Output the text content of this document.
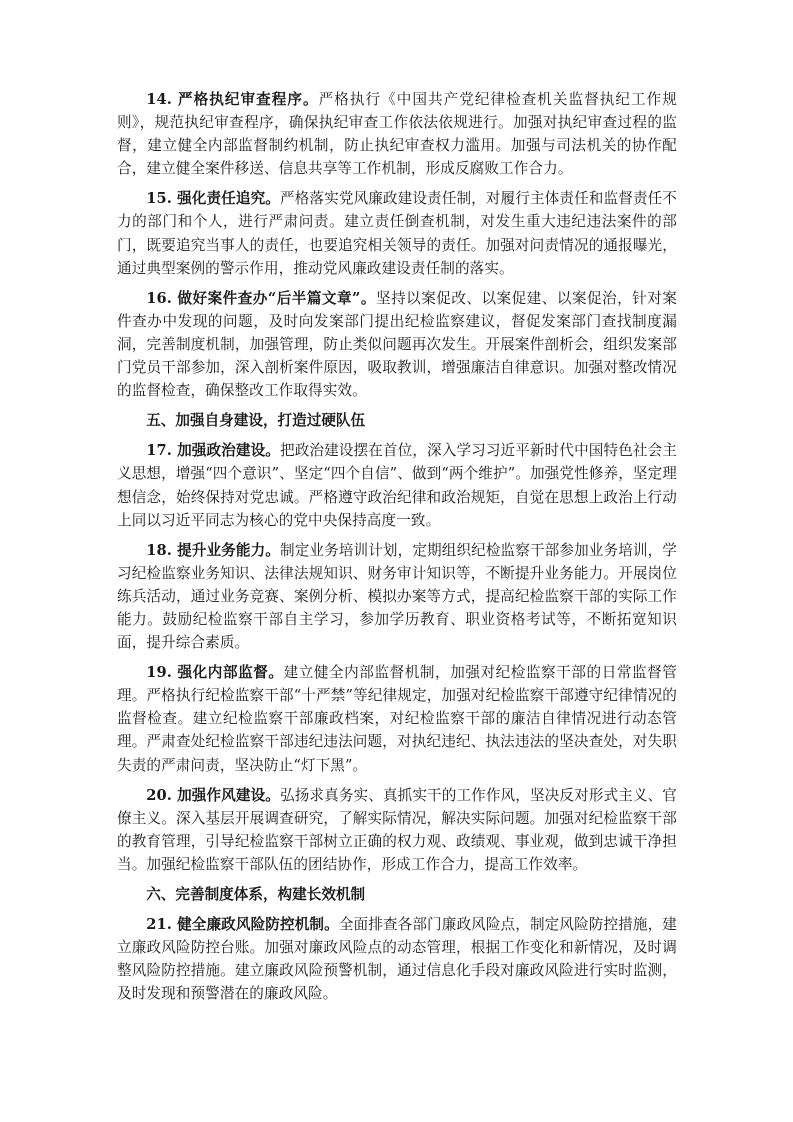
14. 严格执纪审查程序。严格执行《中国共产党纪律检查机关监督执纪工作规则》，规范执纪审查程序，确保执纪审查工作依法依规进行。加强对执纪审查过程的监督，建立健全内部监督制约机制，防止执纪审查权力滥用。加强与司法机关的协作配合，建立健全案件移送、信息共享等工作机制，形成反腐败工作合力。

15. 强化责任追究。严格落实党风廉政建设责任制，对履行主体责任和监督责任不力的部门和个人，进行严肃问责。建立责任倒查机制，对发生重大违纪违法案件的部门，既要追究当事人的责任，也要追究相关领导的责任。加强对问责情况的通报曝光，通过典型案例的警示作用，推动党风廉政建设责任制的落实。

16. 做好案件查办“后半篇文章”。坚持以案促改、以案促建、以案促治，针对案件查办中发现的问题，及时向发案部门提出纪检监察建议，督促发案部门查找制度漏洞，完善制度机制，加强管理，防止类似问题再次发生。开展案件剖析会，组织发案部门党员干部参加，深入剖析案件原因，吸取教训，增强廉洁自律意识。加强对整改情况的监督检查，确保整改工作取得实效。

五、加强自身建设，打造过硬队伍

17. 加强政治建设。把政治建设摆在首位，深入学习习近平新时代中国特色社会主义思想，增强“四个意识”、坚定“四个自信”、做到“两个维护”。加强党性修养，坚定理想信念，始终保持对党忠诚。严格遵守政治纪律和政治规矩，自觉在思想上政治上行动上同以习近平同志为核心的党中央保持高度一致。

18. 提升业务能力。制定业务培训计划，定期组织纪检监察干部参加业务培训，学习纪检监察业务知识、法律法规知识、财务审计知识等，不断提升业务能力。开展岗位练兵活动，通过业务竞赛、案例分析、模拟办案等方式，提高纪检监察干部的实际工作能力。鼓励纪检监察干部自主学习，参加学历教育、职业资格考试等，不断拓宽知识面，提升综合素质。

19. 强化内部监督。建立健全内部监督机制，加强对纪检监察干部的日常监督管理。严格执行纪检监察干部“十严禁”等纪律规定，加强对纪检监察干部遵守纪律情况的监督检查。建立纪检监察干部廉政档案，对纪检监察干部的廉洁自律情况进行动态管理。严肃查处纪检监察干部违纪违法问题，对执纪违纪、执法违法的坚决查处，对失职失责的严肃问责，坚决防止“灯下黑”。

20. 加强作风建设。弘扬求真务实、真抓实干的工作作风，坚决反对形式主义、官僚主义。深入基层开展调查研究，了解实际情况，解决实际问题。加强对纪检监察干部的教育管理，引导纪检监察干部树立正确的权力观、政绩观、事业观，做到忠诚干净担当。加强纪检监察干部队伍的团结协作，形成工作合力，提高工作效率。

六、完善制度体系，构建长效机制

21. 健全廉政风险防控机制。全面排查各部门廉政风险点，制定风险防控措施，建立廉政风险防控台账。加强对廉政风险点的动态管理，根据工作变化和新情况，及时调整风险防控措施。建立廉政风险预警机制，通过信息化手段对廉政风险进行实时监测，及时发现和预警潜在的廉政风险。
